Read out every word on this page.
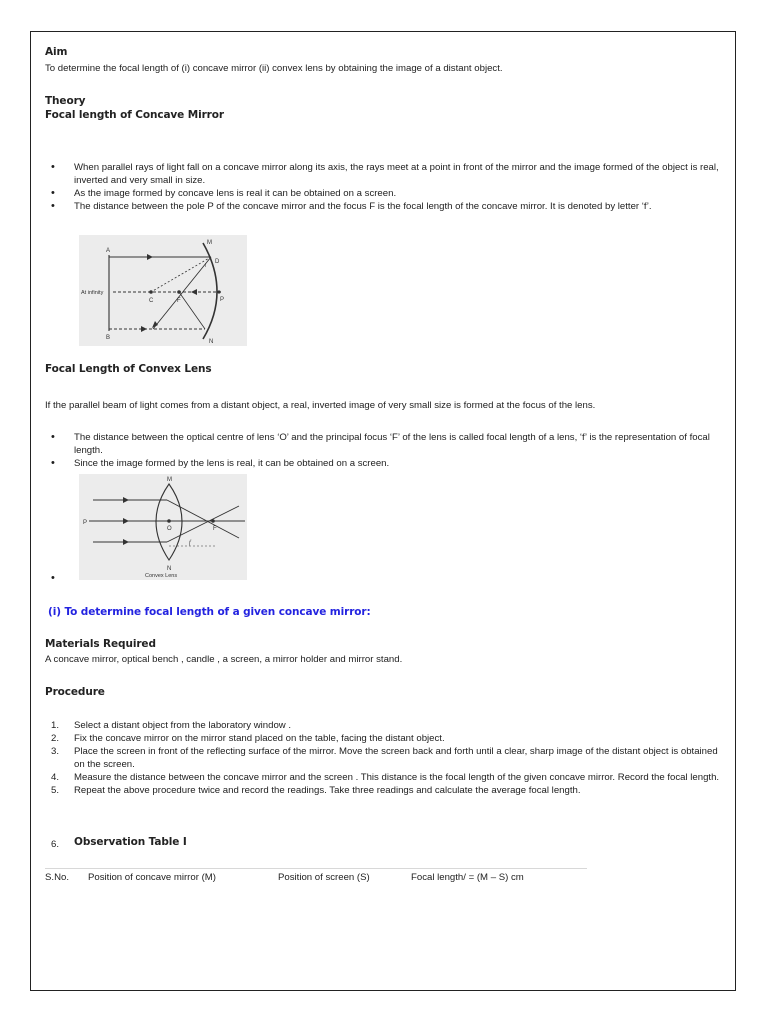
Aim
To determine the focal length of (i) concave mirror (ii) convex lens by obtaining the image of a distant object.
Theory
Focal length of Concave Mirror
• When parallel rays of light fall on a concave mirror along its axis, the rays meet at a point in front of the mirror and the image formed of the object is real, inverted and very small in size.
• As the image formed by concave lens is real it can be obtained on a screen.
• The distance between the pole P of the concave mirror and the focus F is the focal length of the concave mirror. It is denoted by letter ‘f’.
A
B
M
N
D
C	F	P
i
At infinity
Focal Length of Convex Lens
If the parallel beam of light comes from a distant object, a real, inverted image of very small size is formed at the focus of the lens.
• The distance between the optical centre of lens ‘O’ and the principal focus ‘F’ of the lens is called focal length of a lens, ‘f’ is the representation of focal length.
• Since the image formed by the lens is real, it can be obtained on a screen.
M
N
O	F
P
f
Convex Lens
•
(i) To determine focal length of a given concave mirror:
Materials Required
A concave mirror, optical bench , candle , a screen, a mirror holder and mirror stand.
Procedure
1. Select a distant object from the laboratory window .
2. Fix the concave mirror on the mirror stand placed on the table, facing the distant object.
3. Place the screen in front of the reflecting surface of the mirror. Move the screen back and forth until a clear, sharp image of the distant object is obtained on the screen.
4. Measure the distance between the concave mirror and the screen . This distance is the focal length of the given concave mirror. Record the focal length.
5. Repeat the above procedure twice and record the readings. Take three readings and calculate the average focal length.
6. Observation Table I
S.No. Position of concave mirror (M)	Position of screen (S)	Focal length/ = (M – S) cm
